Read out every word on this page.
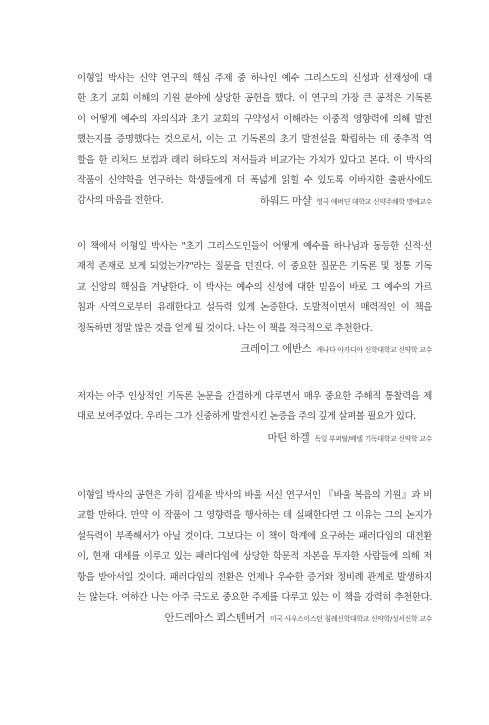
이형일 박사는 신약 연구의 핵심 주제 중 하나인 예수 그리스도의 신성과 선재성에 대

한 초기 교회 이해의 기원 분야에 상당한 공헌을 했다. 이 연구의 가장 큰 공적은 기독론

이 어떻게 예수의 자의식과 초기 교회의 구약성서 이해라는 이중적 영향력에 의해 발전

했는지를 증명했다는 것으로서, 이는 고 기독론의 초기 발전설을 확립하는 데 중추적 역

할을 한 리처드 보컴과 래리 허타도의 저서들과 비교가는 가치가 있다고 본다. 이 박사의

작품이 신약학을 연구하는 학생들에게 더 폭넓게 읽힐 수 있도록 이바지한 출판사에도

감사의 마음을 전한다.	하워드 마샬 영국 애버딘 대학교 신약주해학 명예교수

이 책에서 이형일 박사는 "초기 그리스도인들이 어떻게 예수를 하나님과 동등한 신적·선

재적 존재로 보게 되었는가?"라는 질문을 던진다. 이 중요한 질문은 기독론 및 정통 기독

교 신앙의 핵심을 겨냥한다. 이 박사는 예수의 신성에 대한 믿음이 바로 그 예수의 가르

침과 사역으로부터 유래한다고 설득력 있게 논증한다. 도발적이면서 매력적인 이 책을

정독하면 정말 많은 것을 얻게 될 것이다. 나는 이 책을 적극적으로 추천한다.

크레이그 에반스 캐나다 아카디아 신학대학교 신약학 교수

저자는 아주 인상적인 기독론 논문을 간결하게 다루면서 매우 중요한 주해적 통찰력을 제

대로 보여주었다. 우리는 그가 신중하게 발전시킨 논증을 주의 깊게 살펴볼 필요가 있다.

마틴 하겔 독일 부퍼탈/베델 기독대학교 신약학 교수

이형일 박사의 공헌은 가히 김세윤 박사의 바울 서신 연구서인 『바울 복음의 기원』과 비

교할 만하다. 만약 이 작품이 그 영향력을 행사하는 데 실패한다면 그 이유는 그의 논지가

설득력이 부족해서가 아닐 것이다. 그보다는 이 책이 학계에 요구하는 패러다임의 대전환

이, 현재 대세를 이루고 있는 패러다임에 상당한 학문적 자본을 투자한 사람들에 의해 저

항을 받아서일 것이다. 패러다임의 전환은 언제나 우수한 증거와 정비례 관계로 발생하지

는 않는다. 여하간 나는 아주 극도로 중요한 주제를 다루고 있는 이 책을 강력히 추천한다.

안드레아스 쾨스텐버거 미국 사우스이스턴 침례신학대학교 신약학/성서신학 교수
